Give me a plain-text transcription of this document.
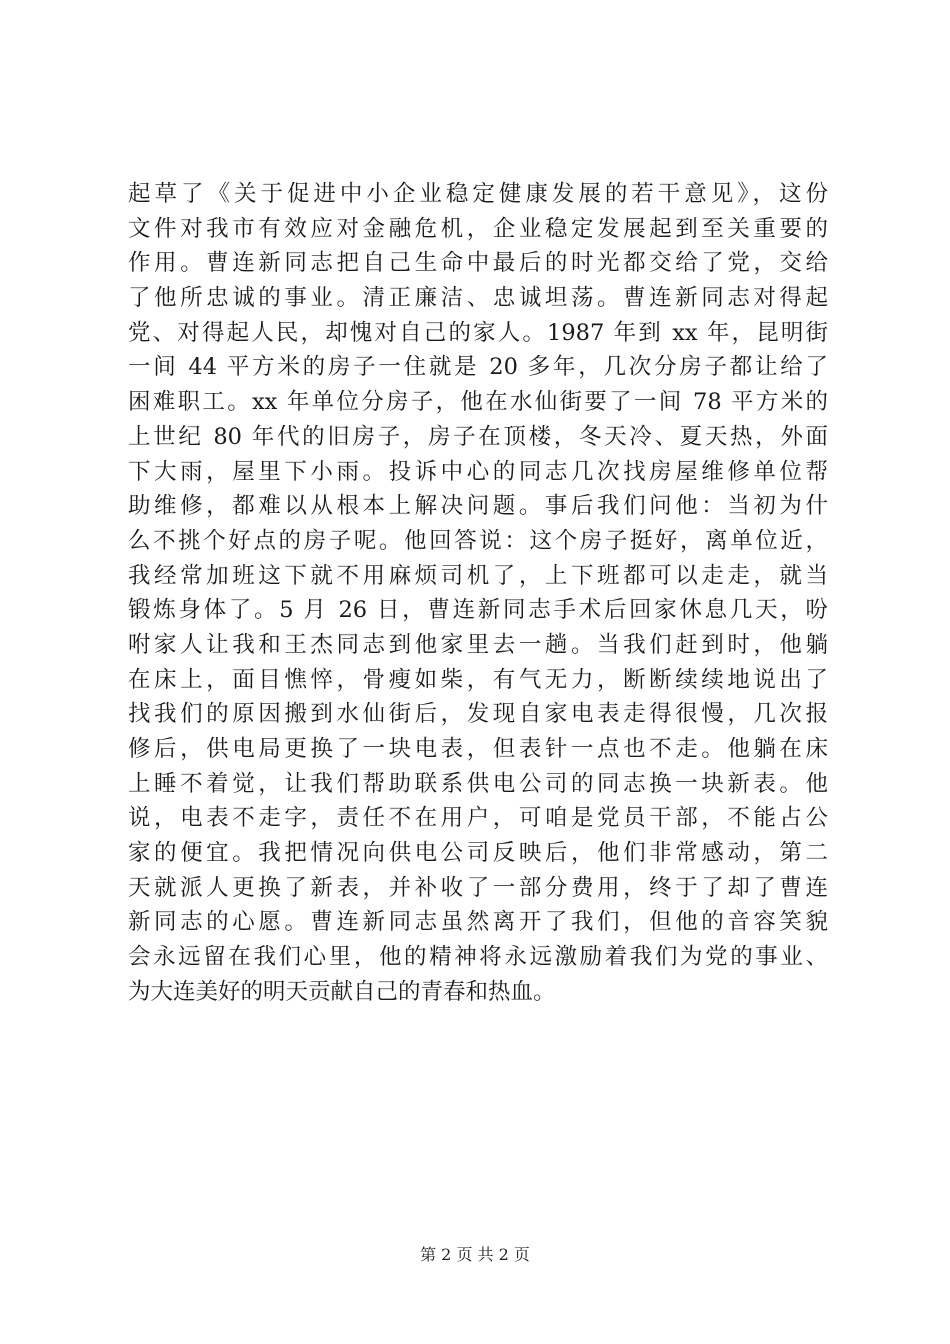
起草了《关于促进中小企业稳定健康发展的若干意见》，这份
文件对我市有效应对金融危机，企业稳定发展起到至关重要的
作用。曹连新同志把自己生命中最后的时光都交给了党，交给
了他所忠诚的事业。清正廉洁、忠诚坦荡。曹连新同志对得起
党、对得起人民，却愧对自己的家人。1987 年到 xx 年，昆明街
一间 44 平方米的房子一住就是 20 多年，几次分房子都让给了
困难职工。xx 年单位分房子，他在水仙街要了一间 78 平方米的
上世纪 80 年代的旧房子，房子在顶楼，冬天冷、夏天热，外面
下大雨，屋里下小雨。投诉中心的同志几次找房屋维修单位帮
助维修，都难以从根本上解决问题。事后我们问他：当初为什
么不挑个好点的房子呢。他回答说：这个房子挺好，离单位近，
我经常加班这下就不用麻烦司机了，上下班都可以走走，就当
锻炼身体了。5 月 26 日，曹连新同志手术后回家休息几天，吩
咐家人让我和王杰同志到他家里去一趟。当我们赶到时，他躺
在床上，面目憔悴，骨瘦如柴，有气无力，断断续续地说出了
找我们的原因搬到水仙街后，发现自家电表走得很慢，几次报
修后，供电局更换了一块电表，但表针一点也不走。他躺在床
上睡不着觉，让我们帮助联系供电公司的同志换一块新表。他
说，电表不走字，责任不在用户，可咱是党员干部，不能占公
家的便宜。我把情况向供电公司反映后，他们非常感动，第二
天就派人更换了新表，并补收了一部分费用，终于了却了曹连
新同志的心愿。曹连新同志虽然离开了我们，但他的音容笑貌
会永远留在我们心里，他的精神将永远激励着我们为党的事业、
为大连美好的明天贡献自己的青春和热血。
第 2 页 共 2 页
